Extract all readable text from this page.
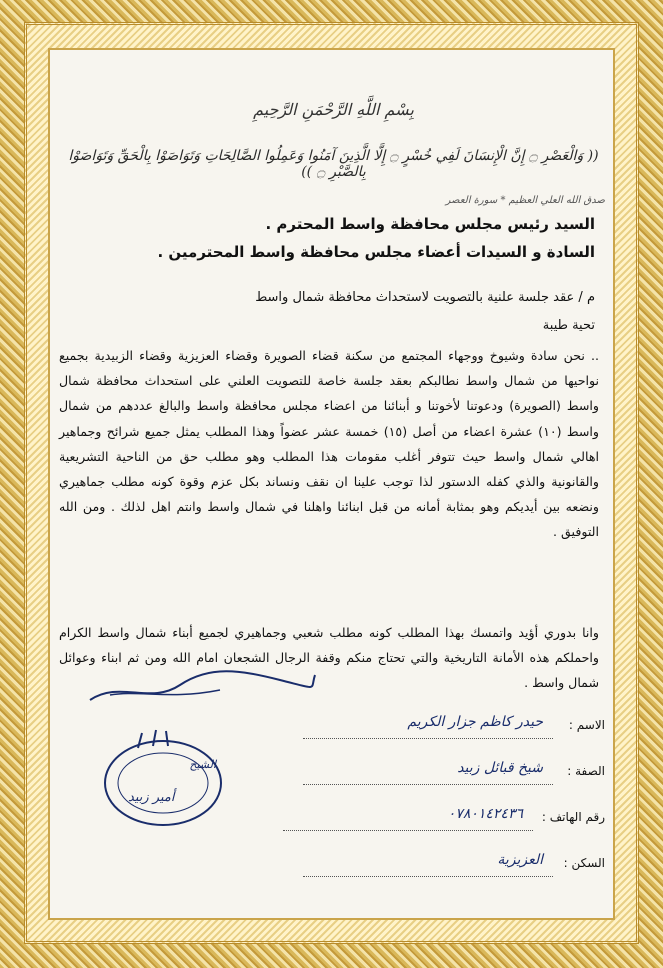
بِسْمِ اللَّهِ الرَّحْمَنِ الرَّحِيمِ
(( وَالْعَصْرِ ۝ إِنَّ الْإِنسَانَ لَفِي خُسْرٍ ۝ إِلَّا الَّذِينَ آمَنُوا وَعَمِلُوا الصَّالِحَاتِ وَتَوَاصَوْا بِالْحَقِّ وَتَوَاصَوْا بِالصَّبْرِ ۝ ))
صدق الله العلي العظيم * سورة العصر
السيد رئيس مجلس محافظة واسط المحترم .
السادة و السيدات أعضاء مجلس محافظة واسط المحترمين .
م / عقد جلسة علنية بالتصويت لاستحداث محافظة شمال واسط
تحية طيبة
.. نحن سادة وشيوخ ووجهاء المجتمع من سكنة قضاء الصويرة وقضاء العزيزية وقضاء الزبيدية بجميع نواحيها من شمال واسط نطالبكم بعقد جلسة خاصة للتصويت العلني على استحداث محافظة شمال واسط (الصويرة) ودعوتنا لأخوتنا و أبنائنا من اعضاء مجلس محافظة واسط والبالغ عددهم من شمال واسط (١٠) عشرة اعضاء من أصل (١٥) خمسة عشر عضواً وهذا المطلب يمثل جميع شرائح وجماهير اهالي شمال واسط حيث تتوفر أغلب مقومات هذا المطلب وهو مطلب حق من الناحية التشريعية والقانونية والذي كفله الدستور لذا توجب علينا ان نقف ونساند بكل عزم وقوة كونه مطلب جماهيري ونضعه بين أيديكم وهو بمثابة أمانه من قبل ابنائنا واهلنا في شمال واسط وانتم اهل لذلك . ومن الله التوفيق .
وانا بدوري أؤيد واتمسك بهذا المطلب كونه مطلب شعبي وجماهيري لجميع أبناء شمال واسط الكرام واحملكم هذه الأمانة التاريخية والتي تحتاج منكم وقفة الرجال الشجعان امام الله ومن ثم ابناء وعوائل شمال واسط .
الاسم :
حيدر كاظم جزار الكريم
الصفة :
شيخ قبائل زبيد
رقم الهاتف :
٠٧٨٠١٤٢٤٣٦
السكن :
العزيزية
الشيخ
أمير زبيد
